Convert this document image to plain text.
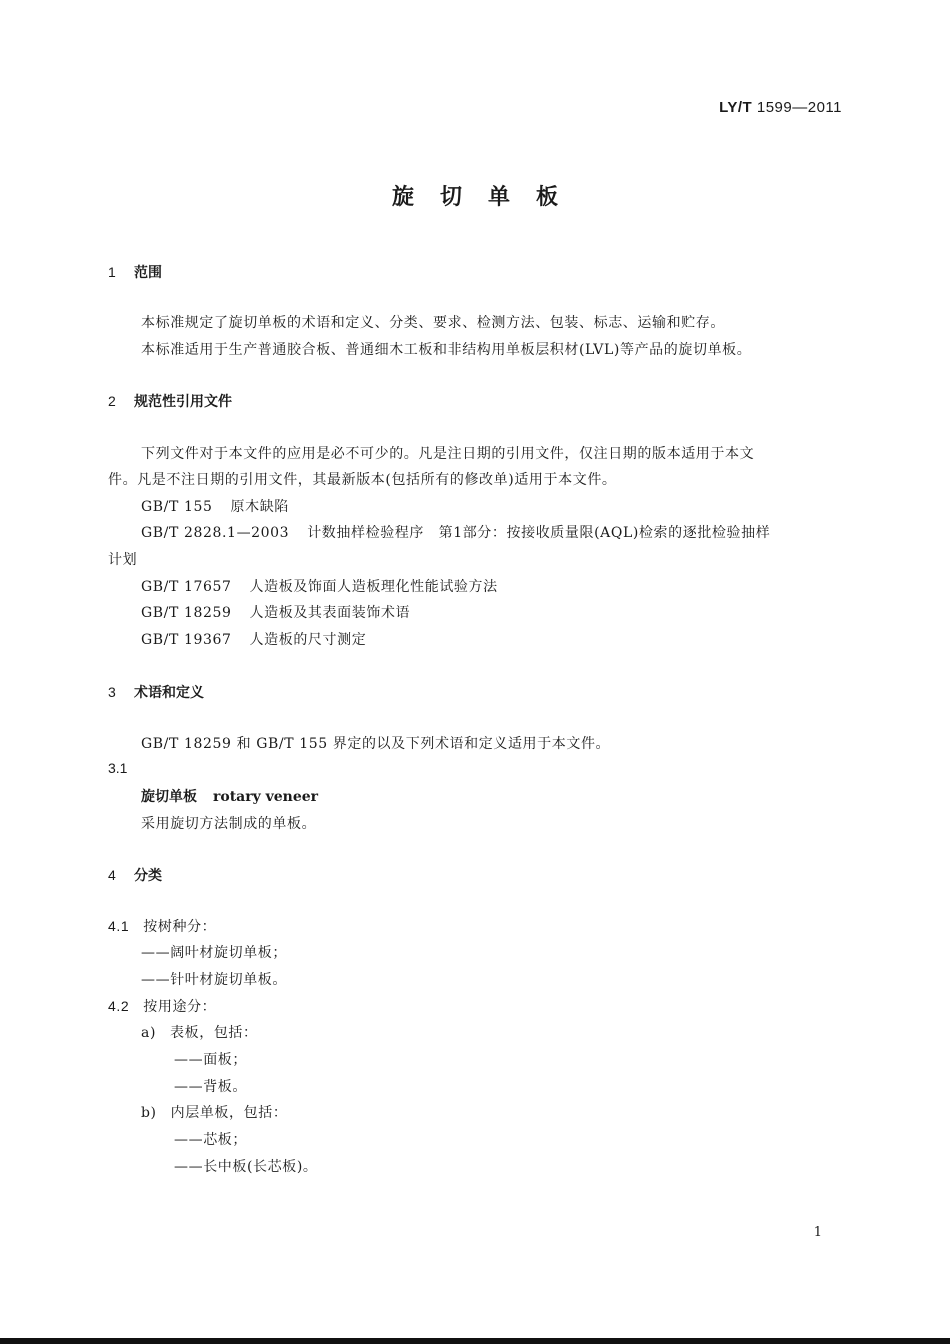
LY/T 1599—2011
旋切单板
1 范围
本标准规定了旋切单板的术语和定义、分类、要求、检测方法、包装、标志、运输和贮存。
本标准适用于生产普通胶合板、普通细木工板和非结构用单板层积材(LVL)等产品的旋切单板。
2 规范性引用文件
下列文件对于本文件的应用是必不可少的。凡是注日期的引用文件，仅注日期的版本适用于本文
件。凡是不注日期的引用文件，其最新版本(包括所有的修改单)适用于本文件。
GB/T 155 原木缺陷
GB/T 2828.1—2003 计数抽样检验程序　第1部分：按接收质量限(AQL)检索的逐批检验抽样
计划
GB/T 17657 人造板及饰面人造板理化性能试验方法
GB/T 18259 人造板及其表面装饰术语
GB/T 19367 人造板的尺寸测定
3 术语和定义
GB/T 18259 和 GB/T 155 界定的以及下列术语和定义适用于本文件。
3.1
旋切单板 rotary veneer
采用旋切方法制成的单板。
4 分类
4.1 按树种分：
——阔叶材旋切单板；
——针叶材旋切单板。
4.2 按用途分：
a) 表板，包括：
——面板；
——背板。
b) 内层单板，包括：
——芯板；
——长中板(长芯板)。
1
